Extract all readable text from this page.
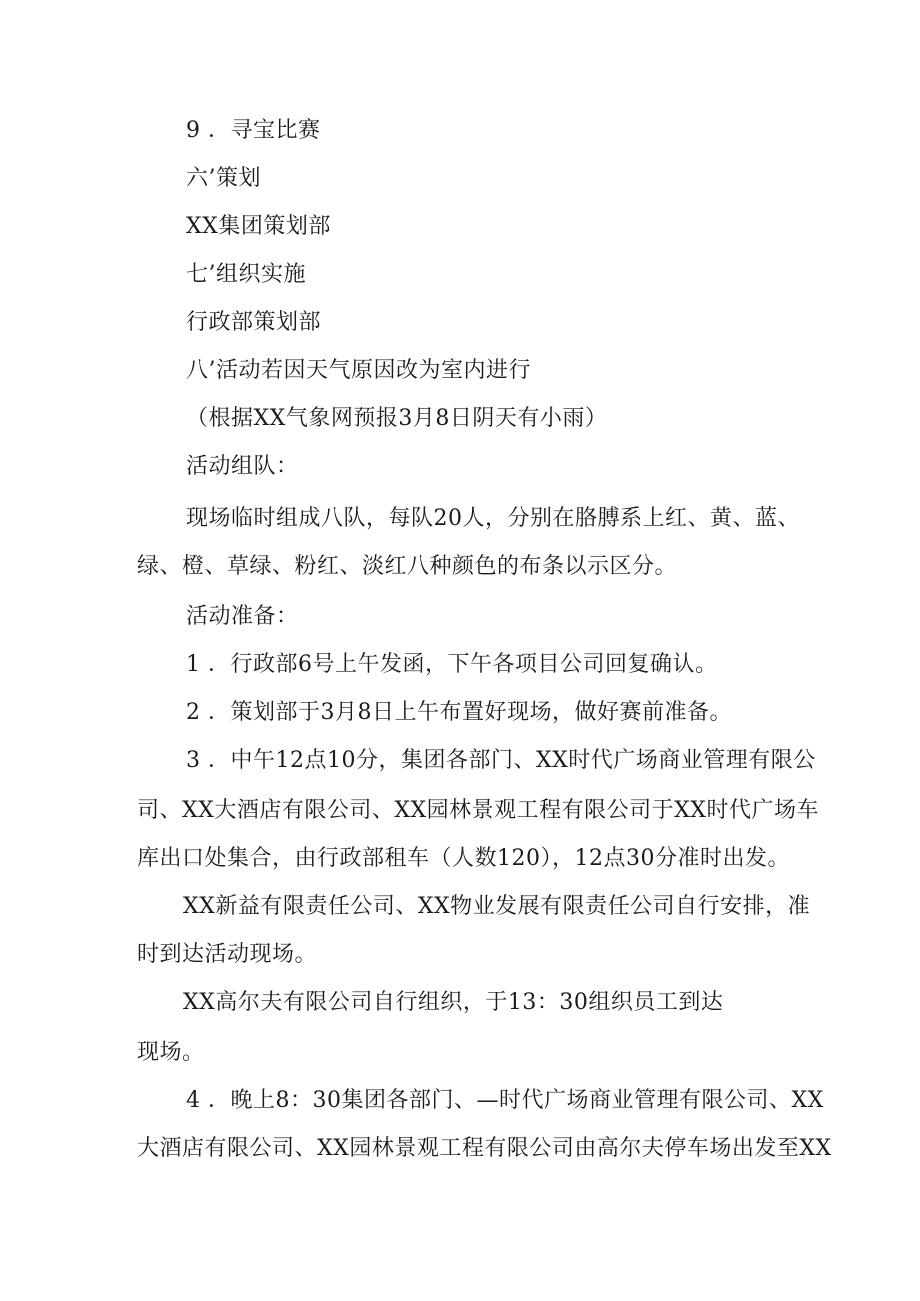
9 ．寻宝比赛
六’策划
XX集团策划部
七’组织实施
行政部策划部
八’活动若因天气原因改为室内进行
（根据XX气象网预报3月8日阴天有小雨）
活动组队：
现场临时组成八队，每队20人，分别在胳膊系上红、黄、蓝、
绿、橙、草绿、粉红、淡红八种颜色的布条以示区分。
活动准备：
1 ．行政部6号上午发函，下午各项目公司回复确认。
2 ．策划部于3月8日上午布置好现场，做好赛前准备。
3 ．中午12点10分，集团各部门、XX时代广场商业管理有限公
司、XX大酒店有限公司、XX园林景观工程有限公司于XX时代广场车
库出口处集合，由行政部租车（人数120），12点30分准时出发。
XX新益有限责任公司、XX物业发展有限责任公司自行安排，准
时到达活动现场。
XX高尔夫有限公司自行组织，于13：30组织员工到达
现场。
4 ．晚上8：30集团各部门、—时代广场商业管理有限公司、XX
大酒店有限公司、XX园林景观工程有限公司由高尔夫停车场出发至XX
